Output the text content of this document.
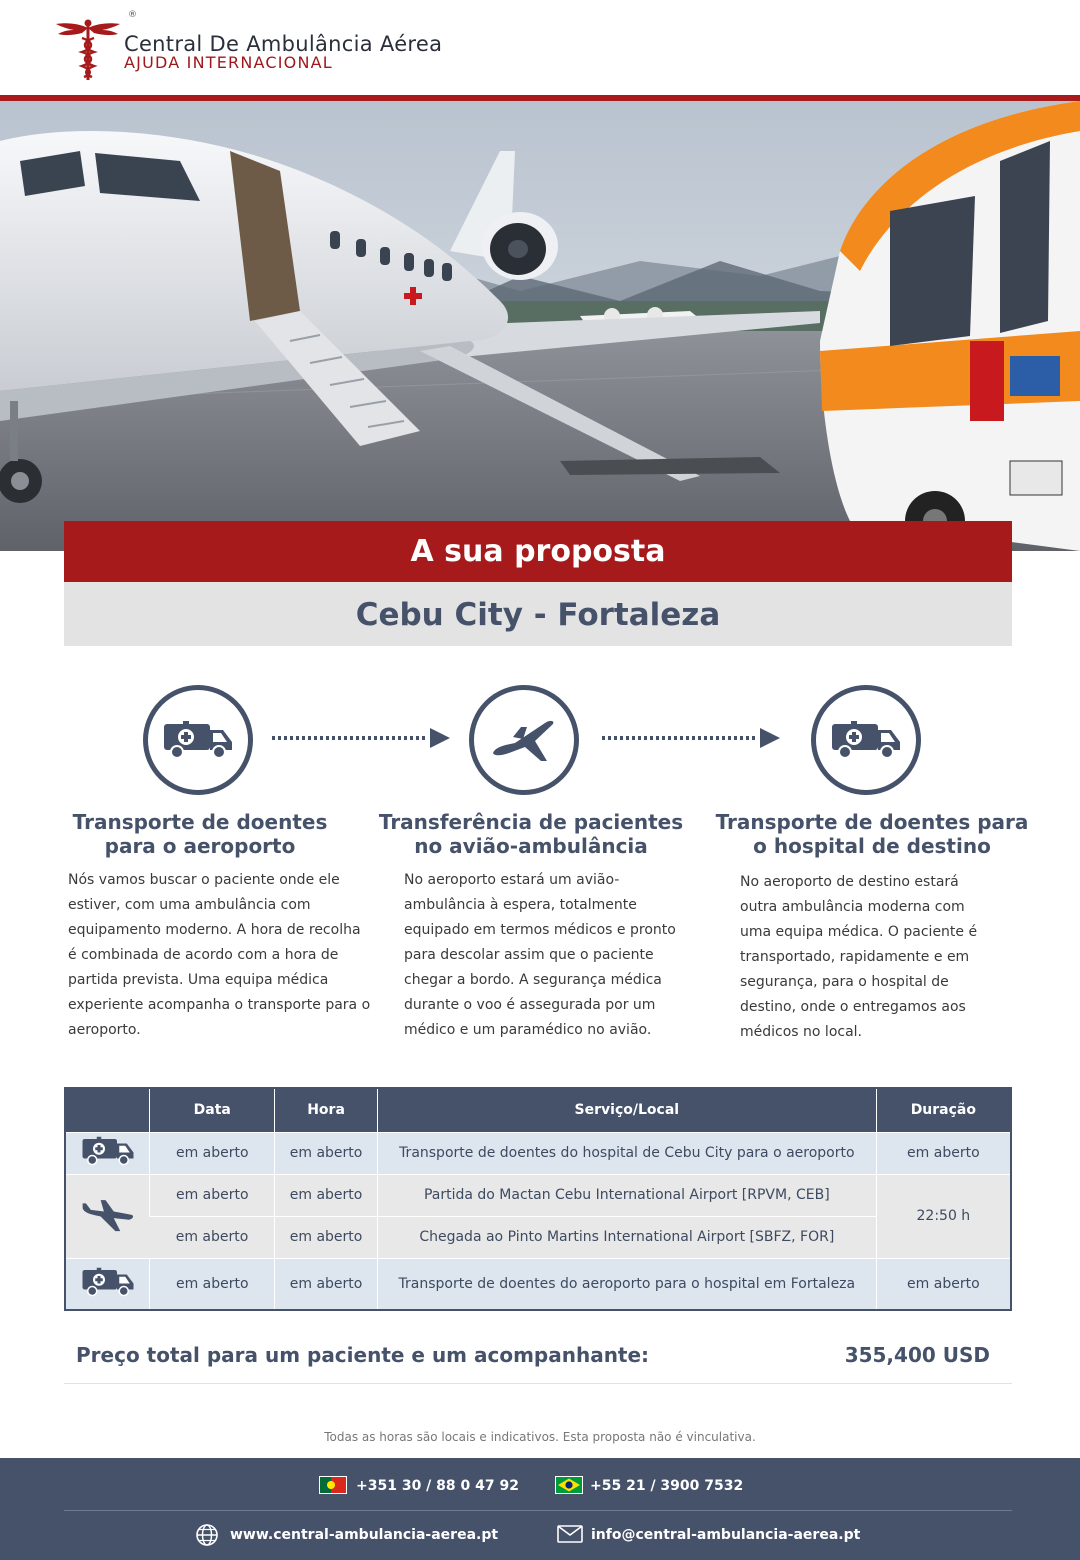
®
Central De Ambulância Aérea
AJUDA INTERNACIONAL
A sua proposta
Cebu City - Fortaleza
Transporte de doentes
para o aeroporto
Transferência de pacientes
no avião-ambulância
Transporte de doentes para
o hospital de destino
Nós vamos buscar o paciente onde ele estiver, com uma ambulância com equipamento moderno. A hora de recolha é combinada de acordo com a hora de partida prevista. Uma equipa médica experiente acompanha o transporte para o aeroporto.
No aeroporto estará um avião-ambulância à espera, totalmente equipado em termos médicos e pronto para descolar assim que o paciente chegar a bordo. A segurança médica durante o voo é assegurada por um médico e um paramédico no avião.
No aeroporto de destino estará outra ambulância moderna com uma equipa médica. O paciente é transportado, rapidamente e em segurança, para o hospital de destino, onde o entregamos aos médicos no local.
	Data	Hora	Serviço/Local	Duração
	em aberto	em aberto	Transporte de doentes do hospital de Cebu City para o aeroporto	em aberto
	em aberto	em aberto	Partida do Mactan Cebu International Airport [RPVM, CEB]	22:50 h
	em aberto	em aberto	Chegada ao Pinto Martins International Airport [SBFZ, FOR]	
	em aberto	em aberto	Transporte de doentes do aeroporto para o hospital em Fortaleza	em aberto
Preço total para um paciente e um acompanhante:	355,400 USD
Todas as horas são locais e indicativos. Esta proposta não é vinculativa.
+351 30 / 88 0 47 92	+55 21 / 3900 7532
www.central-ambulancia-aerea.pt	info@central-ambulancia-aerea.pt
